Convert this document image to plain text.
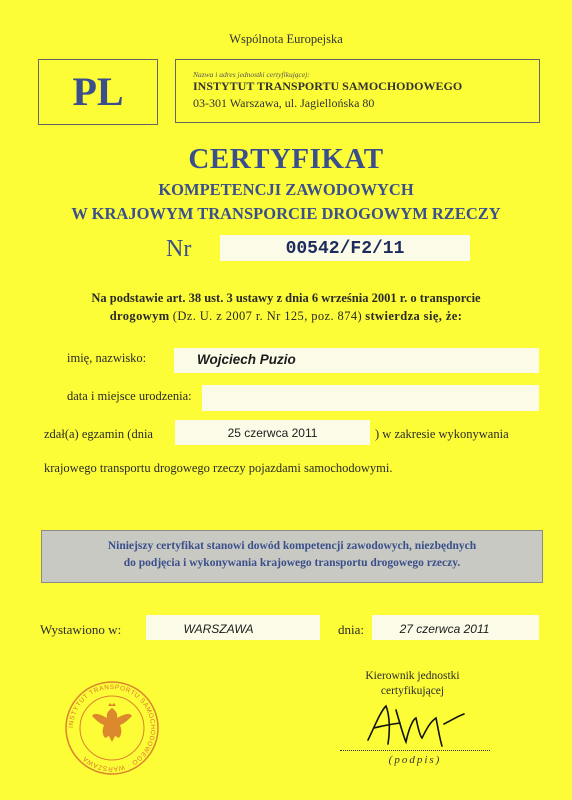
Wspólnota Europejska
PL	Nazwa i adres jednostki certyfikującej:
INSTYTUT TRANSPORTU SAMOCHODOWEGO
03-301 Warszawa, ul. Jagiellońska 80
CERTYFIKAT
KOMPETENCJI ZAWODOWYCH
W KRAJOWYM TRANSPORCIE DROGOWYM RZECZY
Nr	00542/F2/11
Na podstawie art. 38 ust. 3 ustawy z dnia 6 września 2001 r. o transporcie
drogowym (Dz. U. z 2007 r. Nr 125, poz. 874) stwierdza się, że:
imię, nazwisko:	Wojciech Puzio
data i miejsce urodzenia:
zdał(a) egzamin (dnia	25 czerwca 2011	) w zakresie wykonywania
krajowego transportu drogowego rzeczy pojazdami samochodowymi.
Niniejszy certyfikat stanowi dowód kompetencji zawodowych, niezbędnych
do podjęcia i wykonywania krajowego transportu drogowego rzeczy.
Wystawiono w:	WARSZAWA	dnia:	27 czerwca 2011
Kierownik jednostki
certyfikującej
(podpis)
INSTYTUT TRANSPORTU SAMOCHODOWEGO · WARSZAWA
